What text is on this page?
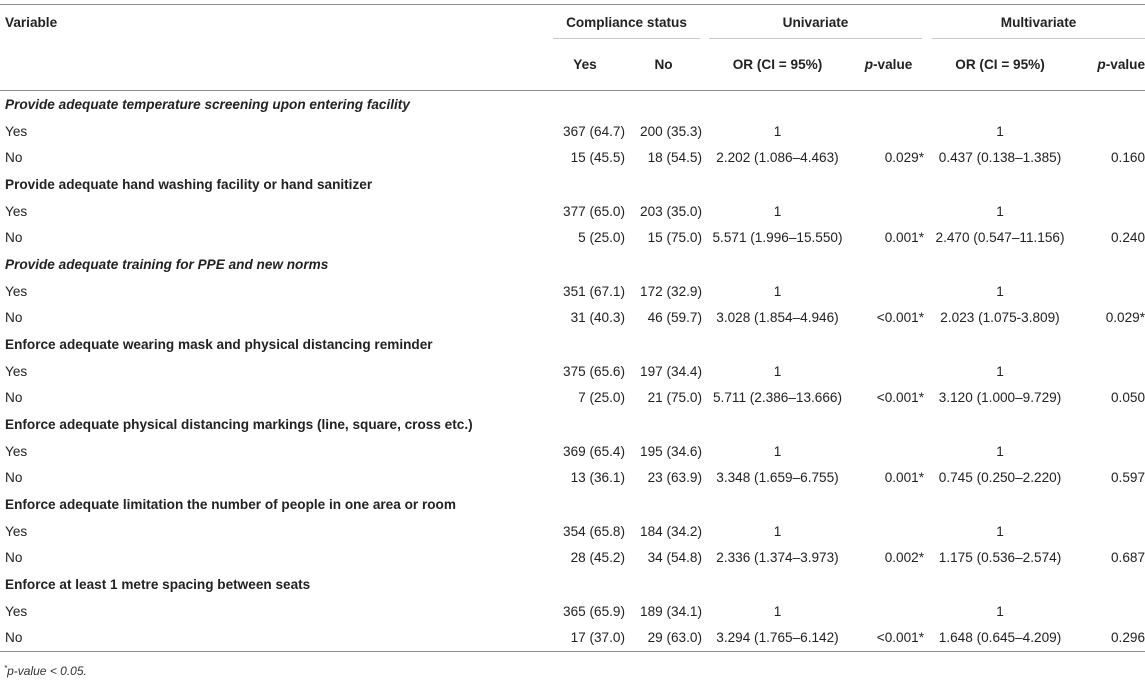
Variable	Compliance status		Univariate		Multivariate	

	Yes	No	OR (CI = 95%)	p-value	OR (CI = 95%)	p-value
Provide adequate temperature screening upon entering facility						
Yes	367 (64.7)	200 (35.3)	1		1	
No	15 (45.5)	18 (54.5)	2.202 (1.086–4.463)	0.029*	0.437 (0.138–1.385)	0.160
Provide adequate hand washing facility or hand sanitizer						
Yes	377 (65.0)	203 (35.0)	1		1	
No	5 (25.0)	15 (75.0)	5.571 (1.996–15.550)	0.001*	2.470 (0.547–11.156)	0.240
Provide adequate training for PPE and new norms						
Yes	351 (67.1)	172 (32.9)	1		1	
No	31 (40.3)	46 (59.7)	3.028 (1.854–4.946)	<0.001*	2.023 (1.075-3.809)	0.029*
Enforce adequate wearing mask and physical distancing reminder						
Yes	375 (65.6)	197 (34.4)	1		1	
No	7 (25.0)	21 (75.0)	5.711 (2.386–13.666)	<0.001*	3.120 (1.000–9.729)	0.050
Enforce adequate physical distancing markings (line, square, cross etc.)						
Yes	369 (65.4)	195 (34.6)	1		1	
No	13 (36.1)	23 (63.9)	3.348 (1.659–6.755)	0.001*	0.745 (0.250–2.220)	0.597
Enforce adequate limitation the number of people in one area or room						
Yes	354 (65.8)	184 (34.2)	1		1	
No	28 (45.2)	34 (54.8)	2.336 (1.374–3.973)	0.002*	1.175 (0.536–2.574)	0.687
Enforce at least 1 metre spacing between seats						
Yes	365 (65.9)	189 (34.1)	1		1	
No	17 (37.0)	29 (63.0)	3.294 (1.765–6.142)	<0.001*	1.648 (0.645–4.209)	0.296
*p-value < 0.05.
